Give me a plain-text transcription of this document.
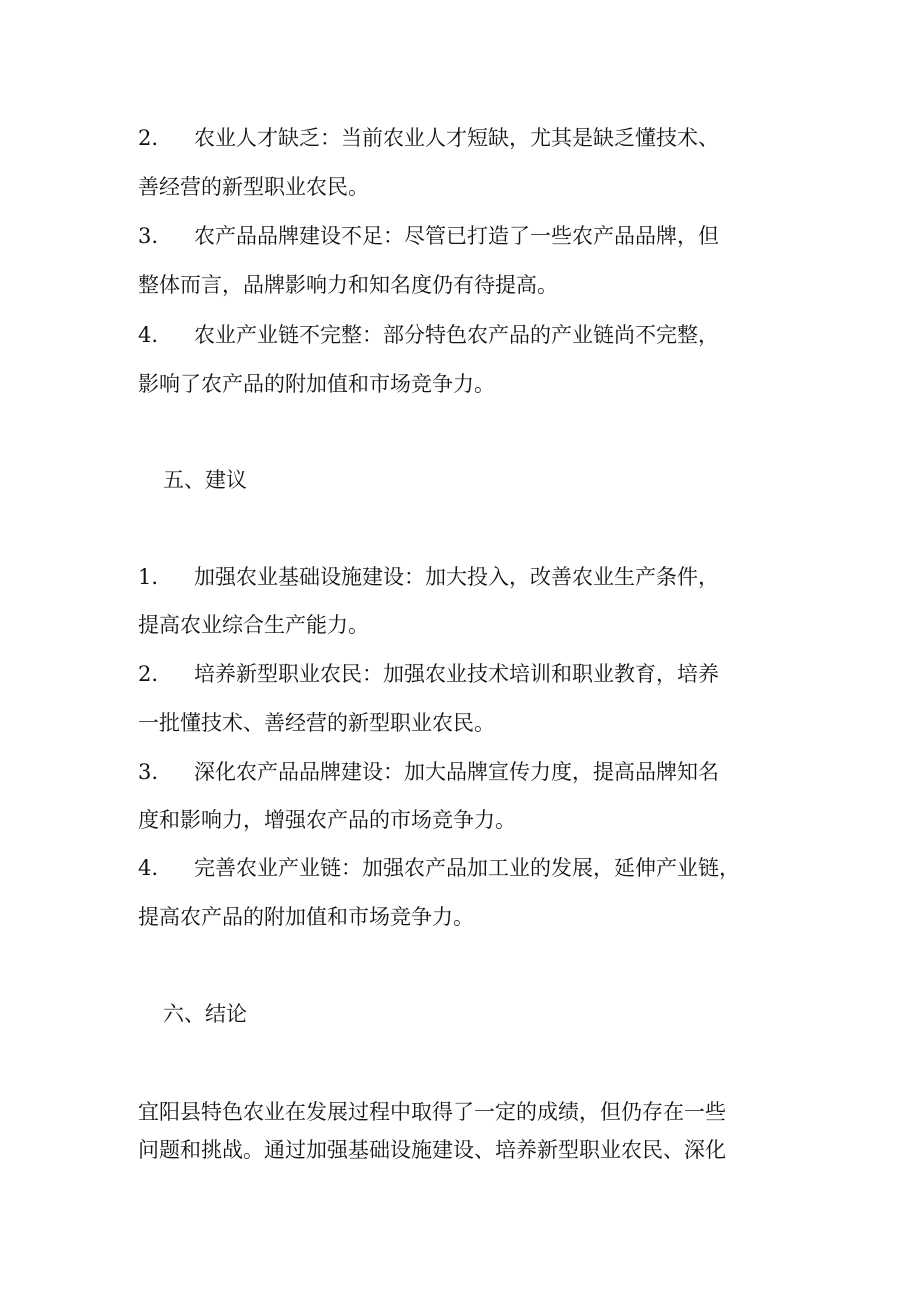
2. 农业人才缺乏：当前农业人才短缺，尤其是缺乏懂技术、
善经营的新型职业农民。
3. 农产品品牌建设不足：尽管已打造了一些农产品品牌，但
整体而言，品牌影响力和知名度仍有待提高。
4. 农业产业链不完整：部分特色农产品的产业链尚不完整，
影响了农产品的附加值和市场竞争力。
五、建议
1. 加强农业基础设施建设：加大投入，改善农业生产条件，
提高农业综合生产能力。
2. 培养新型职业农民：加强农业技术培训和职业教育，培养
一批懂技术、善经营的新型职业农民。
3. 深化农产品品牌建设：加大品牌宣传力度，提高品牌知名
度和影响力，增强农产品的市场竞争力。
4. 完善农业产业链：加强农产品加工业的发展，延伸产业链，
提高农产品的附加值和市场竞争力。
六、结论
宜阳县特色农业在发展过程中取得了一定的成绩，但仍存在一些
问题和挑战。通过加强基础设施建设、培养新型职业农民、深化
